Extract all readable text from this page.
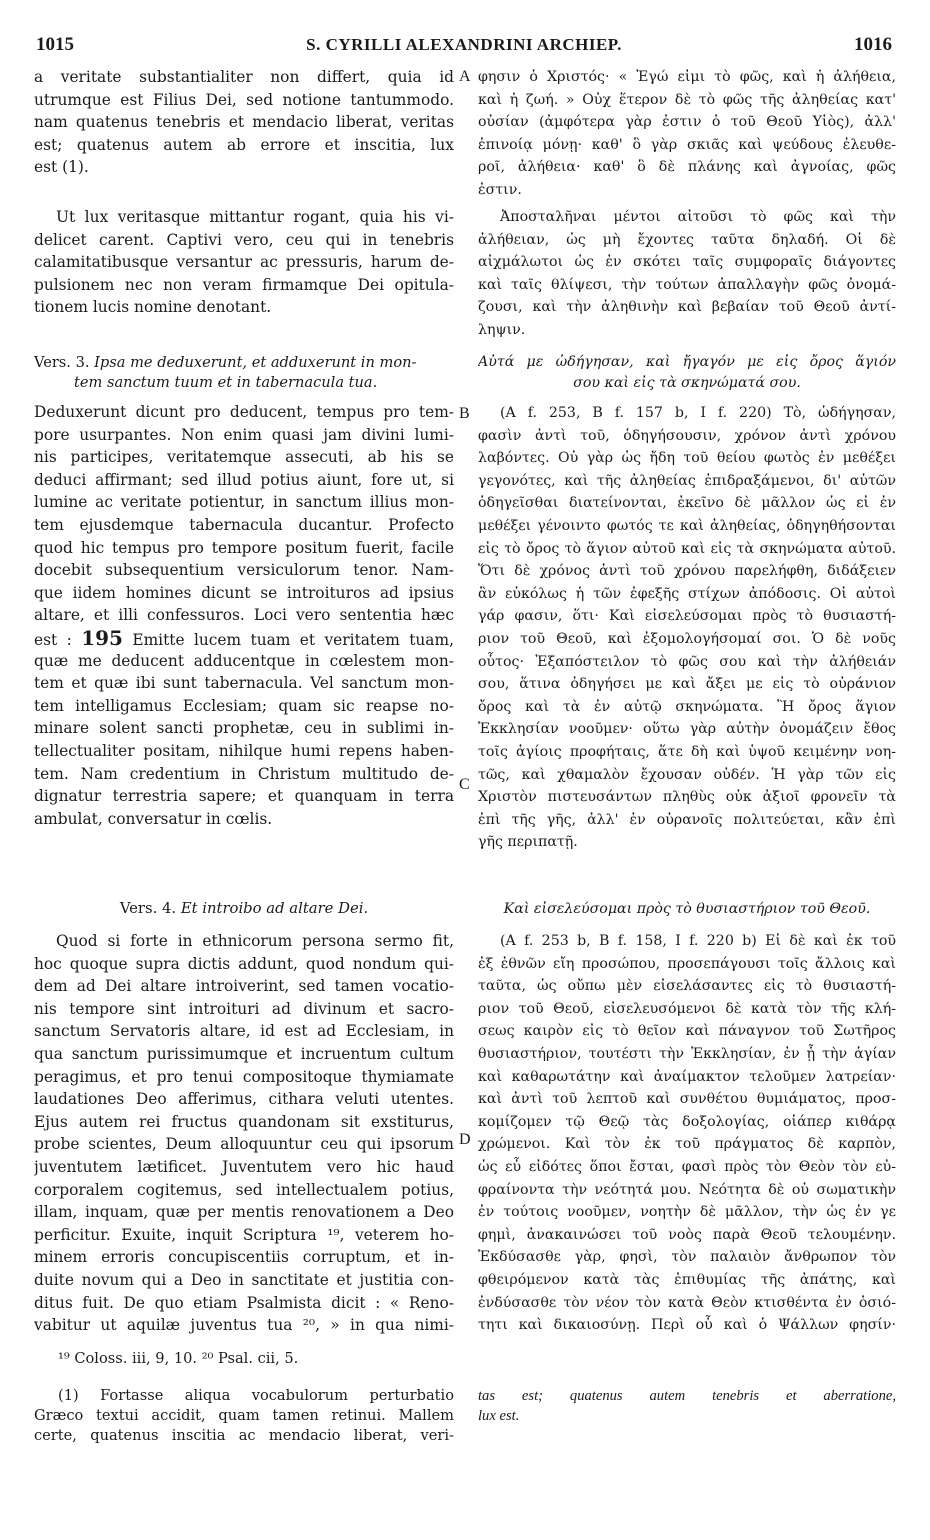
1015	S. CYRILLI ALEXANDRINI ARCHIEP.	1016
A
B
C
D
a veritate substantialiter non differt, quia id
utrumque est Filius Dei, sed notione tantummodo.
nam quatenus tenebris et mendacio liberat, veritas
est; quatenus autem ab errore et inscitia, lux
est (1).
Ut lux veritasque mittantur rogant, quia his vi-
delicet carent. Captivi vero, ceu qui in tenebris
calamitatibusque versantur ac pressuris, harum de-
pulsionem nec non veram firmamque Dei opitula-
tionem lucis nomine denotant.
Vers. 3. Ipsa me deduxerunt, et adduxerunt in mon-
tem sanctum tuum et in tabernacula tua.
Deduxerunt dicunt pro deducent, tempus pro tem-
pore usurpantes. Non enim quasi jam divini lumi-
nis participes, veritatemque assecuti, ab his se
deduci affirmant; sed illud potius aiunt, fore ut, si
lumine ac veritate potientur, in sanctum illius mon-
tem ejusdemque tabernacula ducantur. Profecto
quod hic tempus pro tempore positum fuerit, facile
docebit subsequentium versiculorum tenor. Nam-
que iidem homines dicunt se introituros ad ipsius
altare, et illi confessuros. Loci vero sententia hæc
est : 195 Emitte lucem tuam et veritatem tuam,
quæ me deducent adducentque in cœlestem mon-
tem et quæ ibi sunt tabernacula. Vel sanctum mon-
tem intelligamus Ecclesiam; quam sic reapse no-
minare solent sancti prophetæ, ceu in sublimi in-
tellectualiter positam, nihilque humi repens haben-
tem. Nam credentium in Christum multitudo de-
dignatur terrestria sapere; et quanquam in terra
ambulat, conversatur in cœlis.
Vers. 4. Et introibo ad altare Dei.
Quod si forte in ethnicorum persona sermo fit,
hoc quoque supra dictis addunt, quod nondum qui-
dem ad Dei altare introiverint, sed tamen vocatio-
nis tempore sint introituri ad divinum et sacro-
sanctum Servatoris altare, id est ad Ecclesiam, in
qua sanctum purissimumque et incruentum cultum
peragimus, et pro tenui compositoque thymiamate
laudationes Deo afferimus, cithara veluti utentes.
Ejus autem rei fructus quandonam sit exstiturus,
probe scientes, Deum alloquuntur ceu qui ipsorum
juventutem lætificet. Juventutem vero hic haud
corporalem cogitemus, sed intellectualem potius,
illam, inquam, quæ per mentis renovationem a Deo
perficitur. Exuite, inquit Scriptura ¹⁹, veterem ho-
minem erroris concupiscentiis corruptum, et in-
duite novum qui a Deo in sanctitate et justitia con-
ditus fuit. De quo etiam Psalmista dicit : « Reno-
vabitur ut aquilæ juventus tua ²⁰, » in qua nimi-
¹⁹ Coloss. iii, 9, 10. ²⁰ Psal. cii, 5.
(1) Fortasse aliqua vocabulorum perturbatio
Græco textui accidit, quam tamen retinui. Mallem
certe, quatenus inscitia ac mendacio liberat, veri-
φησιν ὁ Χριστός· « Ἐγώ εἰμι τὸ φῶς, καὶ ἡ ἀλήθεια,
καὶ ἡ ζωή. » Οὐχ ἕτερον δὲ τὸ φῶς τῆς ἀληθείας κατ'
οὐσίαν (ἀμφότερα γὰρ ἐστιν ὁ τοῦ Θεοῦ Υἱὸς), ἀλλ'
ἐπινοίᾳ μόνῃ· καθ' ὃ γὰρ σκιᾶς καὶ ψεύδους ἐλευθε-
ροῖ, ἀλήθεια· καθ' ὃ δὲ πλάνης καὶ ἀγνοίας, φῶς
ἐστιν.
Ἀποσταλῆναι μέντοι αἰτοῦσι τὸ φῶς καὶ τὴν
ἀλήθειαν, ὡς μὴ ἔχοντες ταῦτα δηλαδή. Οἱ δὲ
αἰχμάλωτοι ὡς ἐν σκότει ταῖς συμφοραῖς διάγοντες
καὶ ταῖς θλίψεσι, τὴν τούτων ἀπαλλαγὴν φῶς ὀνομά-
ζουσι, καὶ τὴν ἀληθινὴν καὶ βεβαίαν τοῦ Θεοῦ ἀντί-
ληψιν.
Αὐτά με ὡδήγησαν, καὶ ἤγαγόν με εἰς ὄρος ἅγιόν
σου καὶ εἰς τὰ σκηνώματά σου.
(A f. 253, B f. 157 b, I f. 220) Τὸ, ὡδήγησαν,
φασὶν ἀντὶ τοῦ, ὁδηγήσουσιν, χρόνον ἀντὶ χρόνου
λαβόντες. Οὐ γὰρ ὡς ἤδη τοῦ θείου φωτὸς ἐν μεθέξει
γεγονότες, καὶ τῆς ἀληθείας ἐπιδραξάμενοι, δι' αὐτῶν
ὁδηγεῖσθαι διατείνονται, ἐκεῖνο δὲ μᾶλλον ὡς εἰ ἐν
μεθέξει γένοιντο φωτός τε καὶ ἀληθείας, ὁδηγηθήσονται
εἰς τὸ ὄρος τὸ ἅγιον αὐτοῦ καὶ εἰς τὰ σκηνώματα αὐτοῦ.
Ὅτι δὲ χρόνος ἀντὶ τοῦ χρόνου παρελήφθη, διδάξειεν
ἂν εὐκόλως ἡ τῶν ἐφεξῆς στίχων ἀπόδοσις. Οἱ αὐτοὶ
γάρ φασιν, ὅτι· Καὶ εἰσελεύσομαι πρὸς τὸ θυσιαστή-
ριον τοῦ Θεοῦ, καὶ ἐξομολογήσομαί σοι. Ὁ δὲ νοῦς
οὗτος· Ἐξαπόστειλον τὸ φῶς σου καὶ τὴν ἀλήθειάν
σου, ἅτινα ὁδηγήσει με καὶ ἄξει με εἰς τὸ οὐράνιον
ὄρος καὶ τὰ ἐν αὐτῷ σκηνώματα. Ἢ ὄρος ἅγιον
Ἐκκλησίαν νοοῦμεν· οὕτω γὰρ αὐτὴν ὀνομάζειν ἔθος
τοῖς ἁγίοις προφήταις, ἅτε δὴ καὶ ὑψοῦ κειμένην νοη-
τῶς, καὶ χθαμαλὸν ἔχουσαν οὐδέν. Ἡ γὰρ τῶν εἰς
Χριστὸν πιστευσάντων πληθὺς οὐκ ἀξιοῖ φρονεῖν τὰ
ἐπὶ τῆς γῆς, ἀλλ' ἐν οὐρανοῖς πολιτεύεται, κἂν ἐπὶ
γῆς περιπατῇ.
Καὶ εἰσελεύσομαι πρὸς τὸ θυσιαστήριον τοῦ Θεοῦ.
(A f. 253 b, B f. 158, I f. 220 b) Εἰ δὲ καὶ ἐκ τοῦ
ἐξ ἐθνῶν εἴη προσώπου, προσεπάγουσι τοῖς ἄλλοις καὶ
ταῦτα, ὡς οὔπω μὲν εἰσελάσαντες εἰς τὸ θυσιαστή-
ριον τοῦ Θεοῦ, εἰσελευσόμενοι δὲ κατὰ τὸν τῆς κλή-
σεως καιρὸν εἰς τὸ θεῖον καὶ πάναγνον τοῦ Σωτῆρος
θυσιαστήριον, τουτέστι τὴν Ἐκκλησίαν, ἐν ᾗ τὴν ἁγίαν
καὶ καθαρωτάτην καὶ ἀναίμακτον τελοῦμεν λατρείαν·
καὶ ἀντὶ τοῦ λεπτοῦ καὶ συνθέτου θυμιάματος, προσ-
κομίζομεν τῷ Θεῷ τὰς δοξολογίας, οἱάπερ κιθάρᾳ
χρώμενοι. Καὶ τὸν ἐκ τοῦ πράγματος δὲ καρπὸν,
ὡς εὖ εἰδότες ὅποι ἔσται, φασὶ πρὸς τὸν Θεὸν τὸν εὐ-
φραίνοντα τὴν νεότητά μου. Νεότητα δὲ οὐ σωματικὴν
ἐν τούτοις νοοῦμεν, νοητὴν δὲ μᾶλλον, τὴν ὡς ἐν γε
φημὶ, ἀνακαινώσει τοῦ νοὸς παρὰ Θεοῦ τελουμένην.
Ἐκδύσασθε γὰρ, φησὶ, τὸν παλαιὸν ἄνθρωπον τὸν
φθειρόμενον κατὰ τὰς ἐπιθυμίας τῆς ἀπάτης, καὶ
ἐνδύσασθε τὸν νέον τὸν κατὰ Θεὸν κτισθέντα ἐν ὁσιό-
τητι καὶ δικαιοσύνῃ. Περὶ οὗ καὶ ὁ Ψάλλων φησίν·
tas est; quatenus autem tenebris et aberratione,
lux est.
